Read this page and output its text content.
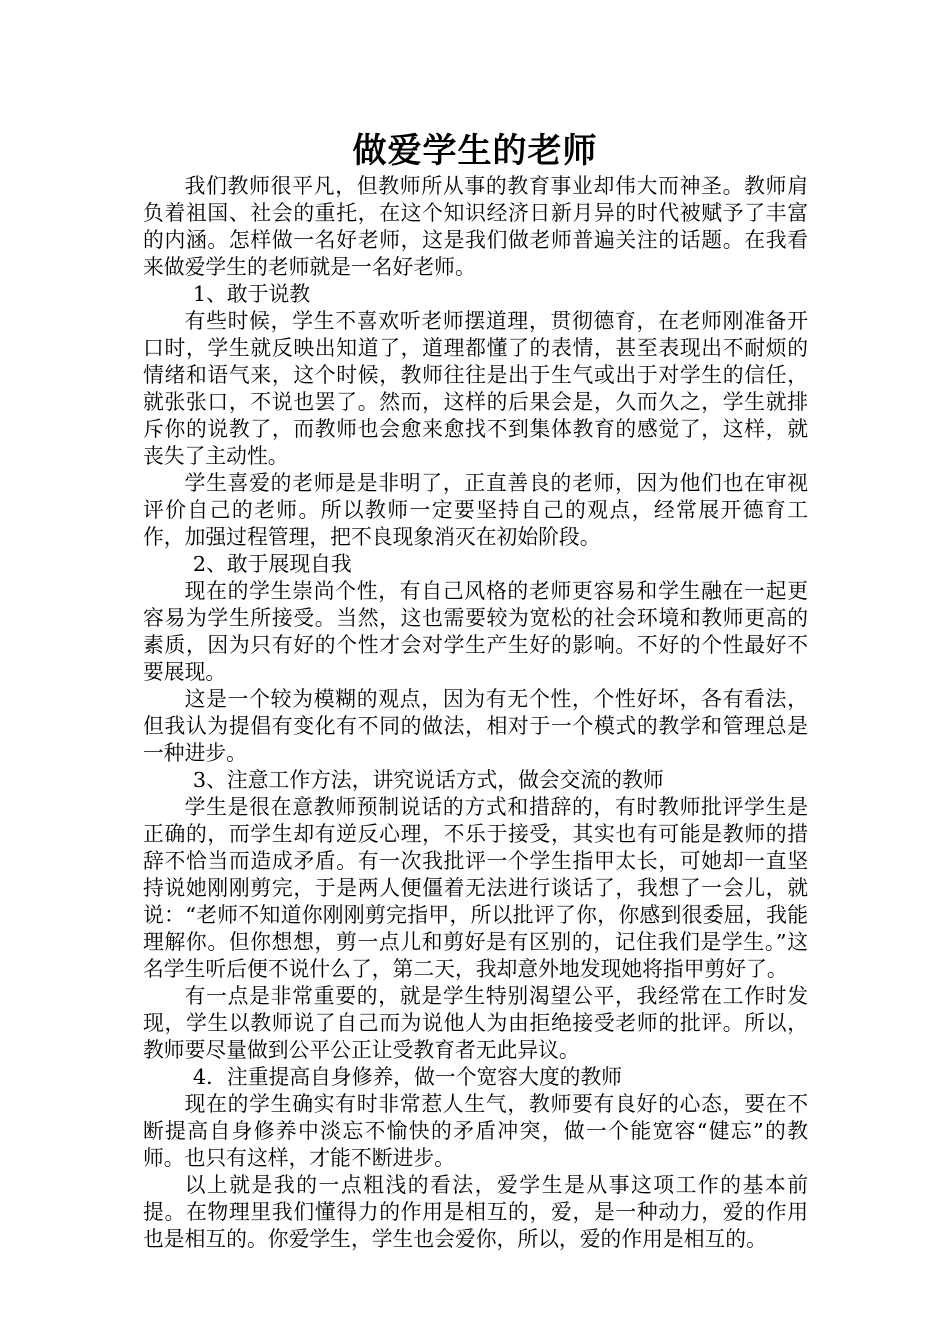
做爱学生的老师

我们教师很平凡，但教师所从事的教育事业却伟大而神圣。教师肩负着祖国、社会的重托，在这个知识经济日新月异的时代被赋予了丰富的内涵。怎样做一名好老师，这是我们做老师普遍关注的话题。在我看来做爱学生的老师就是一名好老师。

1、敢于说教

有些时候，学生不喜欢听老师摆道理，贯彻德育，在老师刚准备开口时，学生就反映出知道了，道理都懂了的表情，甚至表现出不耐烦的情绪和语气来，这个时候，教师往往是出于生气或出于对学生的信任，就张张口，不说也罢了。然而，这样的后果会是，久而久之，学生就排斥你的说教了，而教师也会愈来愈找不到集体教育的感觉了，这样，就丧失了主动性。

学生喜爱的老师是是非明了，正直善良的老师，因为他们也在审视评价自己的老师。所以教师一定要坚持自己的观点，经常展开德育工作，加强过程管理，把不良现象消灭在初始阶段。

2、敢于展现自我

现在的学生崇尚个性，有自己风格的老师更容易和学生融在一起更容易为学生所接受。当然，这也需要较为宽松的社会环境和教师更高的素质，因为只有好的个性才会对学生产生好的影响。不好的个性最好不要展现。

这是一个较为模糊的观点，因为有无个性，个性好坏，各有看法，但我认为提倡有变化有不同的做法，相对于一个模式的教学和管理总是一种进步。

3、注意工作方法，讲究说话方式，做会交流的教师

学生是很在意教师预制说话的方式和措辞的，有时教师批评学生是正确的，而学生却有逆反心理，不乐于接受，其实也有可能是教师的措辞不恰当而造成矛盾。有一次我批评一个学生指甲太长，可她却一直坚持说她刚刚剪完，于是两人便僵着无法进行谈话了，我想了一会儿，就说：“老师不知道你刚刚剪完指甲，所以批评了你，你感到很委屈，我能理解你。但你想想，剪一点儿和剪好是有区别的，记住我们是学生。”这名学生听后便不说什么了，第二天，我却意外地发现她将指甲剪好了。

有一点是非常重要的，就是学生特别渴望公平，我经常在工作时发现，学生以教师说了自己而为说他人为由拒绝接受老师的批评。所以，教师要尽量做到公平公正让受教育者无此异议。

4．注重提高自身修养，做一个宽容大度的教师

现在的学生确实有时非常惹人生气，教师要有良好的心态，要在不断提高自身修养中淡忘不愉快的矛盾冲突，做一个能宽容“健忘”的教师。也只有这样，才能不断进步。

以上就是我的一点粗浅的看法，爱学生是从事这项工作的基本前提。在物理里我们懂得力的作用是相互的，爱，是一种动力，爱的作用也是相互的。你爱学生，学生也会爱你，所以，爱的作用是相互的。
